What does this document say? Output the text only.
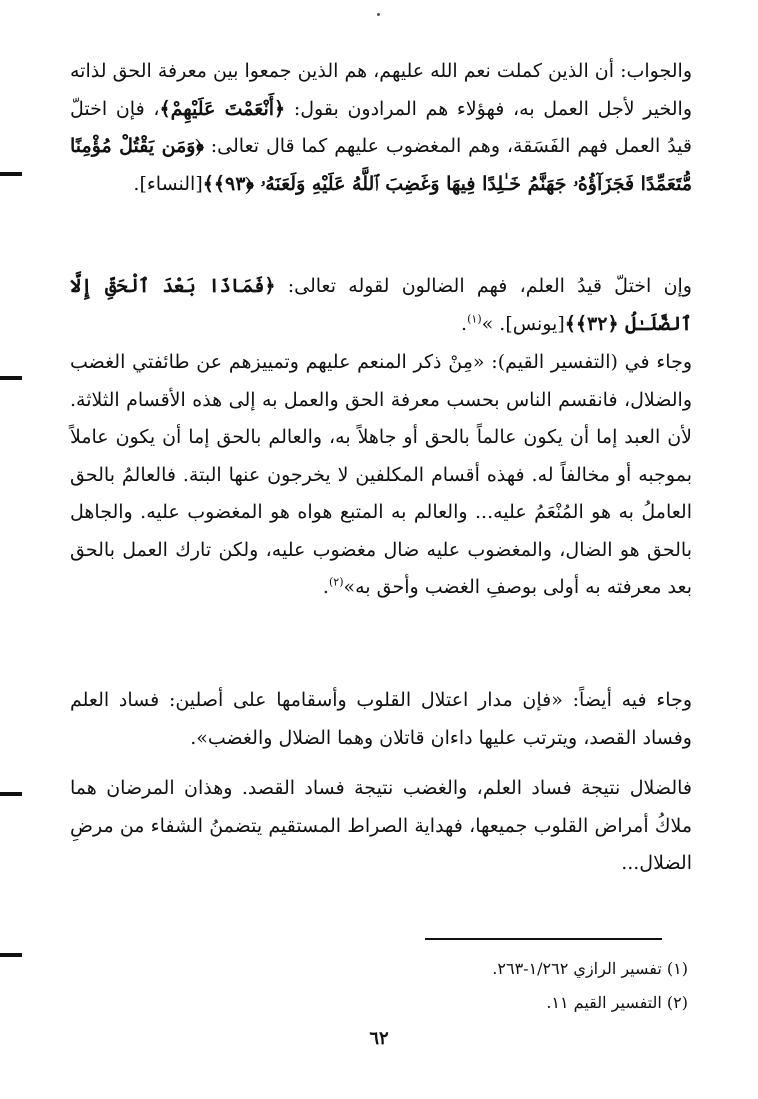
والجواب: أن الذين كملت نعم الله عليهم، هم الذين جمعوا بين معرفة الحق لذاته والخير لأجل العمل به، فهؤلاء هم المرادون بقول: ﴿أَنْعَمْتَ عَلَيْهِمْ﴾، فإن اختلّ قيدُ العمل فهم الفَسَقة، وهم المغضوب عليهم كما قال تعالى: ﴿وَمَن يَقْتُلْ مُؤْمِنًا مُّتَعَمِّدًا فَجَزَآؤُهُۥ جَهَنَّمُ خَـٰلِدًا فِيهَا وَغَضِبَ ٱللَّهُ عَلَيْهِ وَلَعَنَهُۥ ﴿٩٣﴾﴾[النساء].

وإن اختلّ قيدُ العلم، فهم الضالون لقوله تعالى: ﴿فَمَاذَا بَعْدَ ٱلْحَقِّ إِلَّا ٱلضَّلَـٰلُ ﴿٣٢﴾﴾[يونس]. »$^{(١)}$.

وجاء في (التفسير القيم): «مِنْ ذكر المنعم عليهم وتمييزهم عن طائفتي الغضب والضلال، فانقسم الناس بحسب معرفة الحق والعمل به إلى هذه الأقسام الثلاثة. لأن العبد إما أن يكون عالماً بالحق أو جاهلاً به، والعالم بالحق إما أن يكون عاملاً بموجبه أو مخالفاً له. فهذه أقسام المكلفين لا يخرجون عنها البتة. فالعالمُ بالحق العاملُ به هو المُنْعَمُ عليه... والعالم به المتبع هواه هو المغضوب عليه. والجاهل بالحق هو الضال، والمغضوب عليه ضال مغضوب عليه، ولكن تارك العمل بالحق بعد معرفته به أولى بوصفِ الغضب وأحق به»$^{(٢)}$.

وجاء فيه أيضاً: «فإن مدار اعتلال القلوب وأسقامها على أصلين: فساد العلم وفساد القصد، ويترتب عليها داءان قاتلان وهما الضلال والغضب».

فالضلال نتيجة فساد العلم، والغضب نتيجة فساد القصد. وهذان المرضان هما ملاكُ أمراض القلوب جميعها، فهداية الصراط المستقيم يتضمنُ الشفاء من مرضِ الضلال...

(١) تفسير الرازي ١/٢٦٢-٢٦٣.
(٢) التفسير القيم ١١.
٦٢
